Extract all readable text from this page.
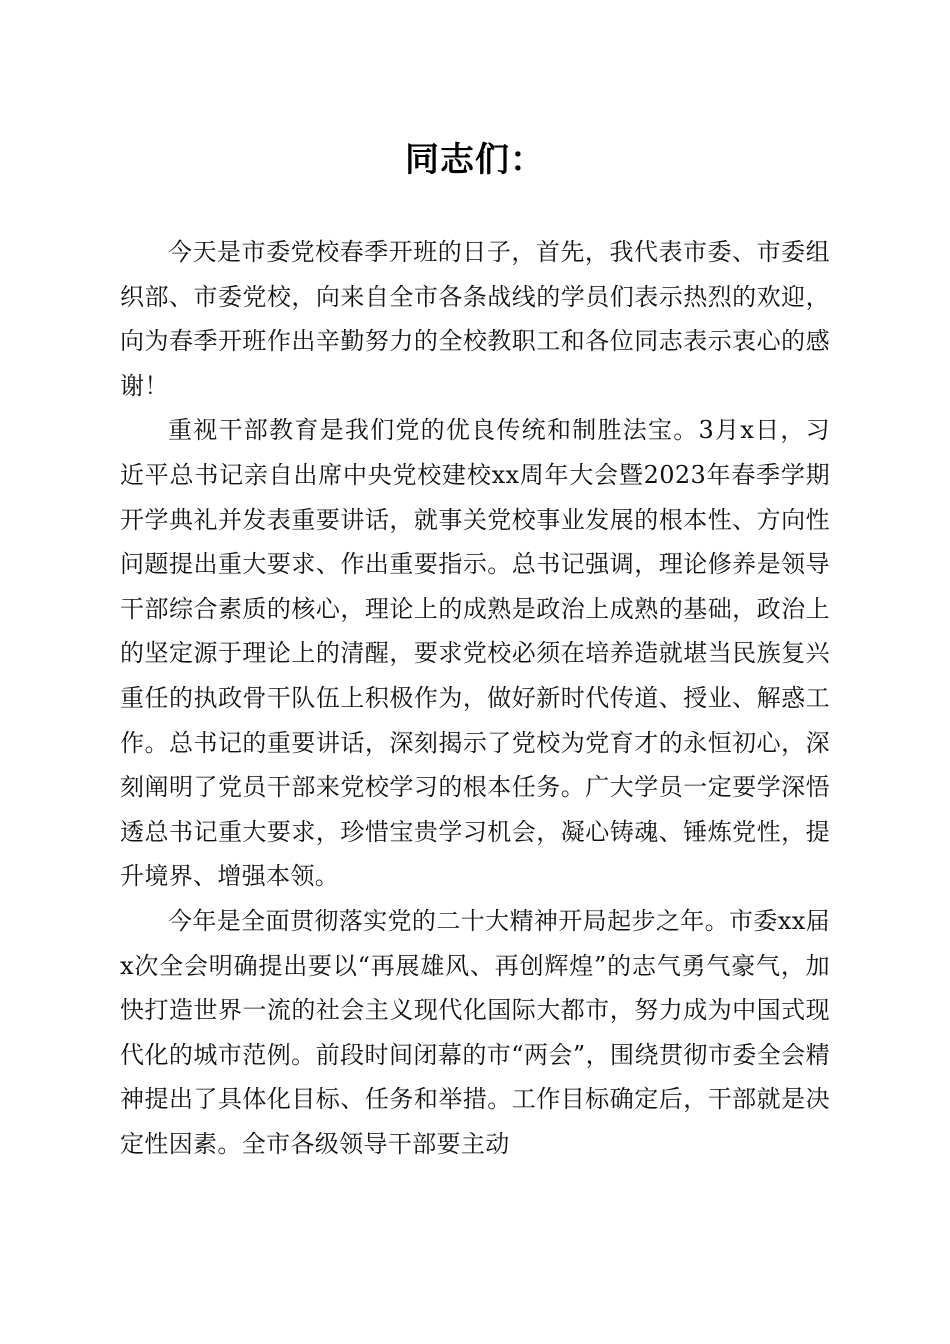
同志们：

今天是市委党校春季开班的日子，首先，我代表市委、市委组织部、市委党校，向来自全市各条战线的学员们表示热烈的欢迎，向为春季开班作出辛勤努力的全校教职工和各位同志表示衷心的感谢！

重视干部教育是我们党的优良传统和制胜法宝。3月x日，习近平总书记亲自出席中央党校建校xx周年大会暨2023年春季学期开学典礼并发表重要讲话，就事关党校事业发展的根本性、方向性问题提出重大要求、作出重要指示。总书记强调，理论修养是领导干部综合素质的核心，理论上的成熟是政治上成熟的基础，政治上的坚定源于理论上的清醒，要求党校必须在培养造就堪当民族复兴重任的执政骨干队伍上积极作为，做好新时代传道、授业、解惑工作。总书记的重要讲话，深刻揭示了党校为党育才的永恒初心，深刻阐明了党员干部来党校学习的根本任务。广大学员一定要学深悟透总书记重大要求，珍惜宝贵学习机会，凝心铸魂、锤炼党性，提升境界、增强本领。

今年是全面贯彻落实党的二十大精神开局起步之年。市委xx届x次全会明确提出要以“再展雄风、再创辉煌”的志气勇气豪气，加快打造世界一流的社会主义现代化国际大都市，努力成为中国式现代化的城市范例。前段时间闭幕的市“两会”，围绕贯彻市委全会精神提出了具体化目标、任务和举措。工作目标确定后，干部就是决定性因素。全市各级领导干部要主动
